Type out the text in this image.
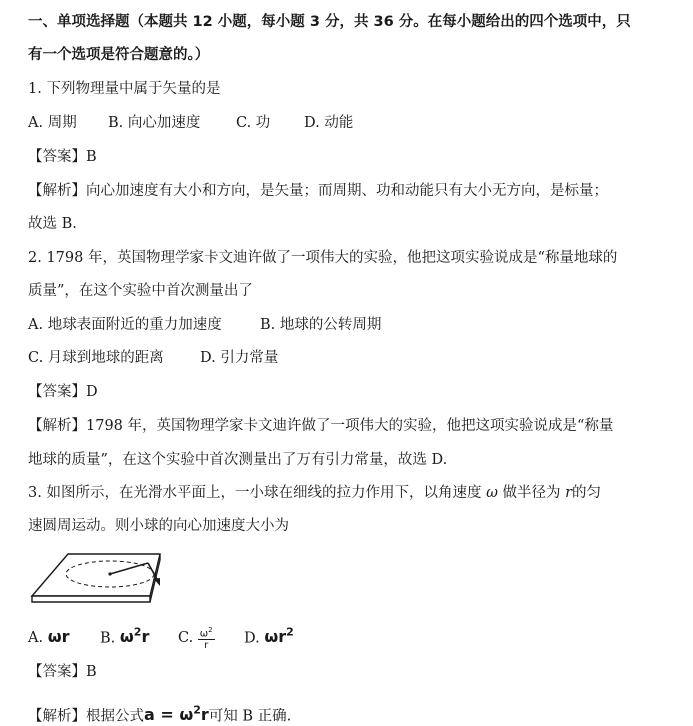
一、单项选择题（本题共 12 小题，每小题 3 分，共 36 分。在每小题给出的四个选项中，只
有一个选项是符合题意的。）
1. 下列物理量中属于矢量的是
A. 周期 B. 向心加速度 C. 功 D. 动能
【答案】B
【解析】向心加速度有大小和方向，是矢量；而周期、功和动能只有大小无方向，是标量；
故选 B.
2. 1798 年，英国物理学家卡文迪许做了一项伟大的实验，他把这项实验说成是“称量地球的
质量”，在这个实验中首次测量出了
A. 地球表面附近的重力加速度	B. 地球的公转周期
C. 月球到地球的距离 D. 引力常量
【答案】D
【解析】1798 年，英国物理学家卡文迪许做了一项伟大的实验，他把这项实验说成是“称量
地球的质量”，在这个实验中首次测量出了万有引力常量，故选 D.
3. 如图所示，在光滑水平面上，一小球在细线的拉力作用下，以角速度 ω 做半径为 r的匀
速圆周运动。则小球的向心加速度大小为
A. ωr B. $\omega^2r$ C. $\frac{\omega^2}{r} D$. $\omega r^2$
【答案】B
【解析】根据公式$a = \omega^2r$可知 B 正确.
